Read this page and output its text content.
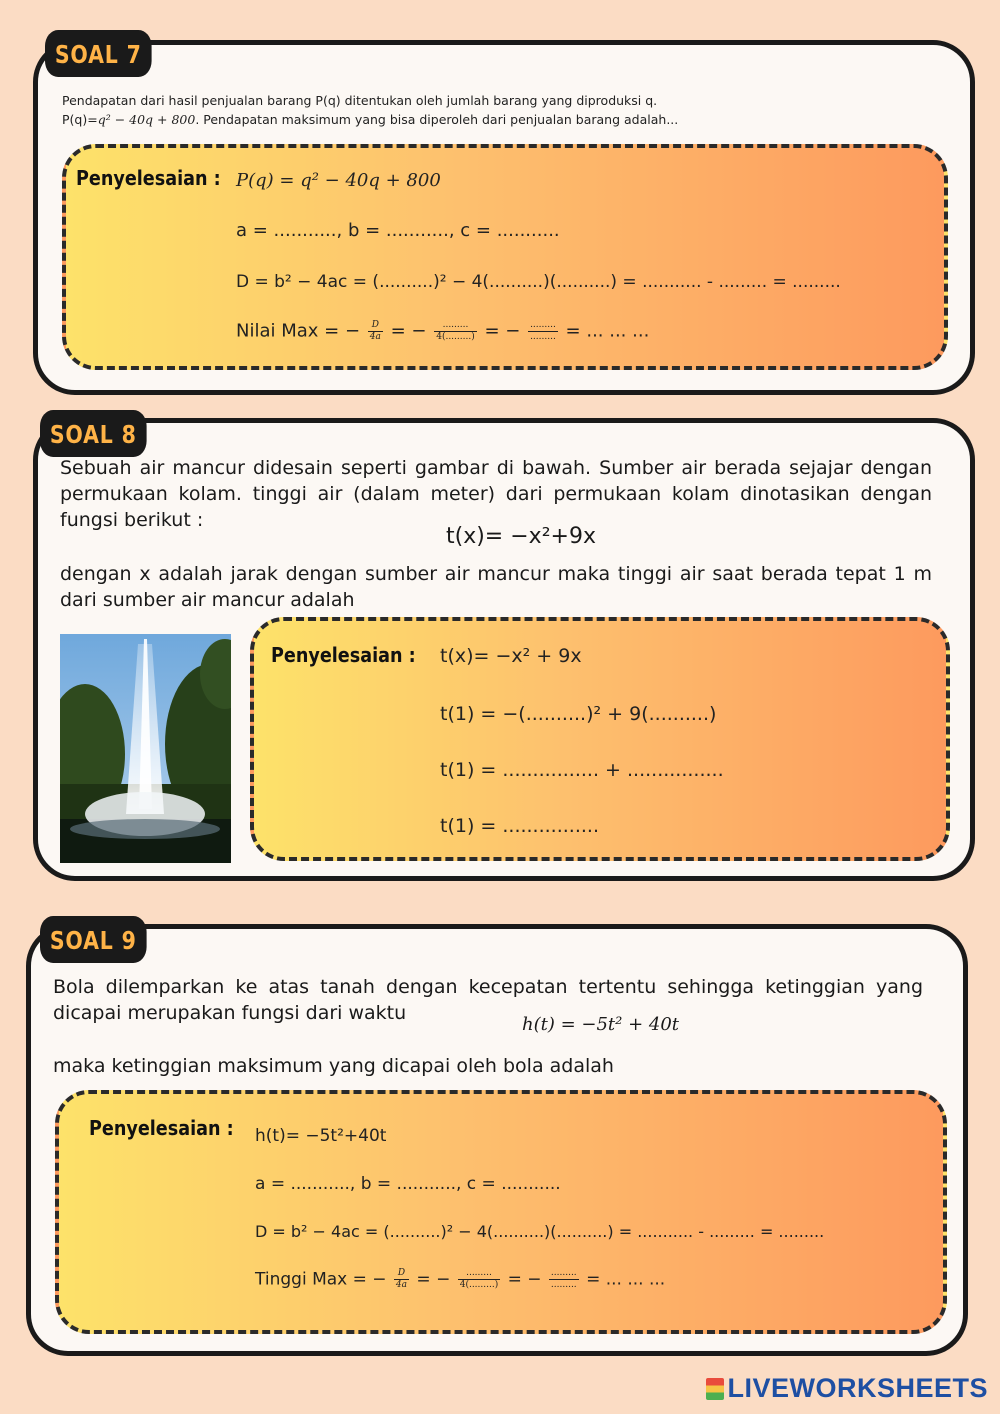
SOAL 7
Pendapatan dari hasil penjualan barang P(q) ditentukan oleh jumlah barang yang diproduksi q.
P(q)=q² − 40q + 800. Pendapatan maksimum yang bisa diperoleh dari penjualan barang adalah...
Penyelesaian : P(q) = q² − 40q + 800
a = ..........., b = ..........., c = ...........
D = b² − 4ac = (..........)² − 4(..........)(..........) = ........... - ......... = .........
Nilai Max = − $\frac{D}{4a}$ = − $\frac{.........}{4(.........)}$ = − $\frac{.........}{.........}$ = ... ... ...
SOAL 8
Sebuah air mancur didesain seperti gambar di bawah. Sumber air berada sejajar dengan permukaan kolam. tinggi air (dalam meter) dari permukaan kolam dinotasikan dengan fungsi berikut :
t(x)= −x²+9x
dengan x adalah jarak dengan sumber air mancur maka tinggi air saat berada tepat 1 m dari sumber air mancur adalah
Penyelesaian : t(x)= −x² + 9x
t(1) = −(..........)² + 9(..........)
t(1) = ................ + ................
t(1) = ................
SOAL 9
Bola dilemparkan ke atas tanah dengan kecepatan tertentu sehingga ketinggian yang dicapai merupakan fungsi dari waktu
h(t) = −5t² + 40t
maka ketinggian maksimum yang dicapai oleh bola adalah
Penyelesaian : h(t)= −5t²+40t
a = ..........., b = ..........., c = ...........
D = b² − 4ac = (..........)² − 4(..........)(..........) = ........... - ......... = .........
Tinggi Max = − $\frac{D}{4a}$ = − $\frac{.........}{4(.........)}$ = − $\frac{.........}{.........}$ = ... ... ...
LIVEWORKSHEETS
